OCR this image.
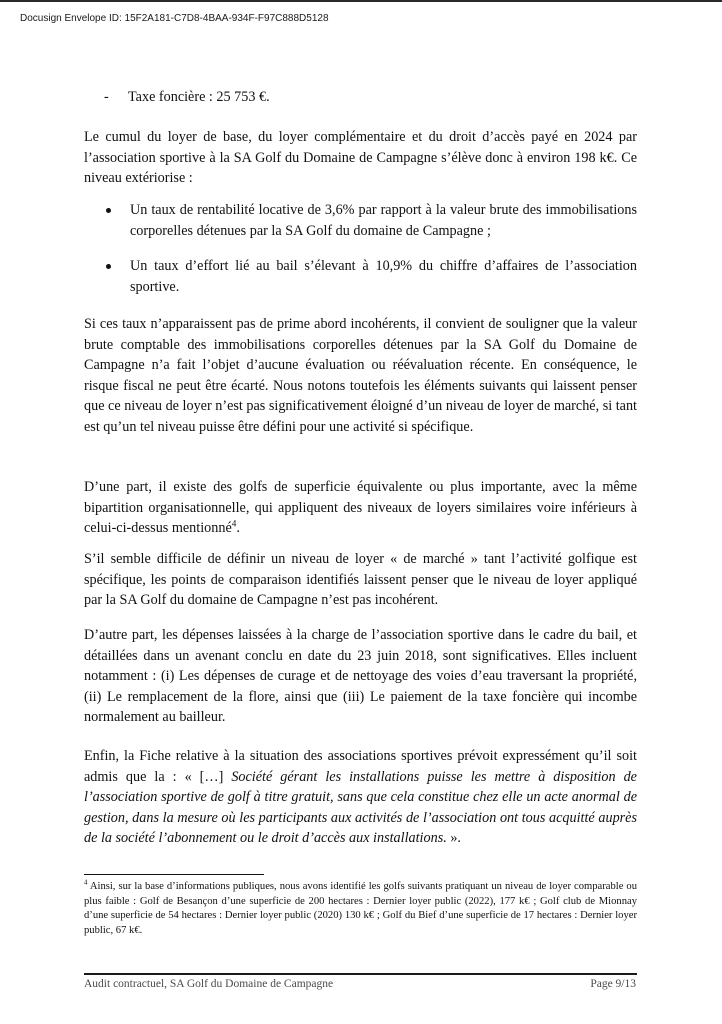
Docusign Envelope ID: 15F2A181-C7D8-4BAA-934F-F97C888D5128
- Taxe foncière : 25 753 €.

Le cumul du loyer de base, du loyer complémentaire et du droit d’accès payé en 2024 par l’association sportive à la SA Golf du Domaine de Campagne s’élève donc à environ 198 k€. Ce niveau extériorise :

Un taux de rentabilité locative de 3,6% par rapport à la valeur brute des immobilisations corporelles détenues par la SA Golf du domaine de Campagne ;
Un taux d’effort lié au bail s’élevant à 10,9% du chiffre d’affaires de l’association sportive.

Si ces taux n’apparaissent pas de prime abord incohérents, il convient de souligner que la valeur brute comptable des immobilisations corporelles détenues par la SA Golf du Domaine de Campagne n’a fait l’objet d’aucune évaluation ou réévaluation récente. En conséquence, le risque fiscal ne peut être écarté. Nous notons toutefois les éléments suivants qui laissent penser que ce niveau de loyer n’est pas significativement éloigné d’un niveau de loyer de marché, si tant est qu’un tel niveau puisse être défini pour une activité si spécifique.

D’une part, il existe des golfs de superficie équivalente ou plus importante, avec la même bipartition organisationnelle, qui appliquent des niveaux de loyers similaires voire inférieurs à celui-ci-dessus mentionné$^4$.

S’il semble difficile de définir un niveau de loyer « de marché » tant l’activité golfique est spécifique, les points de comparaison identifiés laissent penser que le niveau de loyer appliqué par la SA Golf du domaine de Campagne n’est pas incohérent.

D’autre part, les dépenses laissées à la charge de l’association sportive dans le cadre du bail, et détaillées dans un avenant conclu en date du 23 juin 2018, sont significatives. Elles incluent notamment : (i) Les dépenses de curage et de nettoyage des voies d’eau traversant la propriété, (ii) Le remplacement de la flore, ainsi que (iii) Le paiement de la taxe foncière qui incombe normalement au bailleur.

Enfin, la Fiche relative à la situation des associations sportives prévoit expressément qu’il soit admis que la : « […] Société gérant les installations puisse les mettre à disposition de l’association sportive de golf à titre gratuit, sans que cela constitue chez elle un acte anormal de gestion, dans la mesure où les participants aux activités de l’association ont tous acquitté auprès de la société l’abonnement ou le droit d’accès aux installations. ».

$^4$ Ainsi, sur la base d’informations publiques, nous avons identifié les golfs suivants pratiquant un niveau de loyer comparable ou plus faible : Golf de Besançon d’une superficie de 200 hectares : Dernier loyer public (2022), 177 k€ ; Golf club de Mionnay d’une superficie de 54 hectares : Dernier loyer public (2020) 130 k€ ; Golf du Bief d’une superficie de 17 hectares : Dernier loyer public, 67 k€.
Audit contractuel, SA Golf du Domaine de Campagne	Page 9/13
